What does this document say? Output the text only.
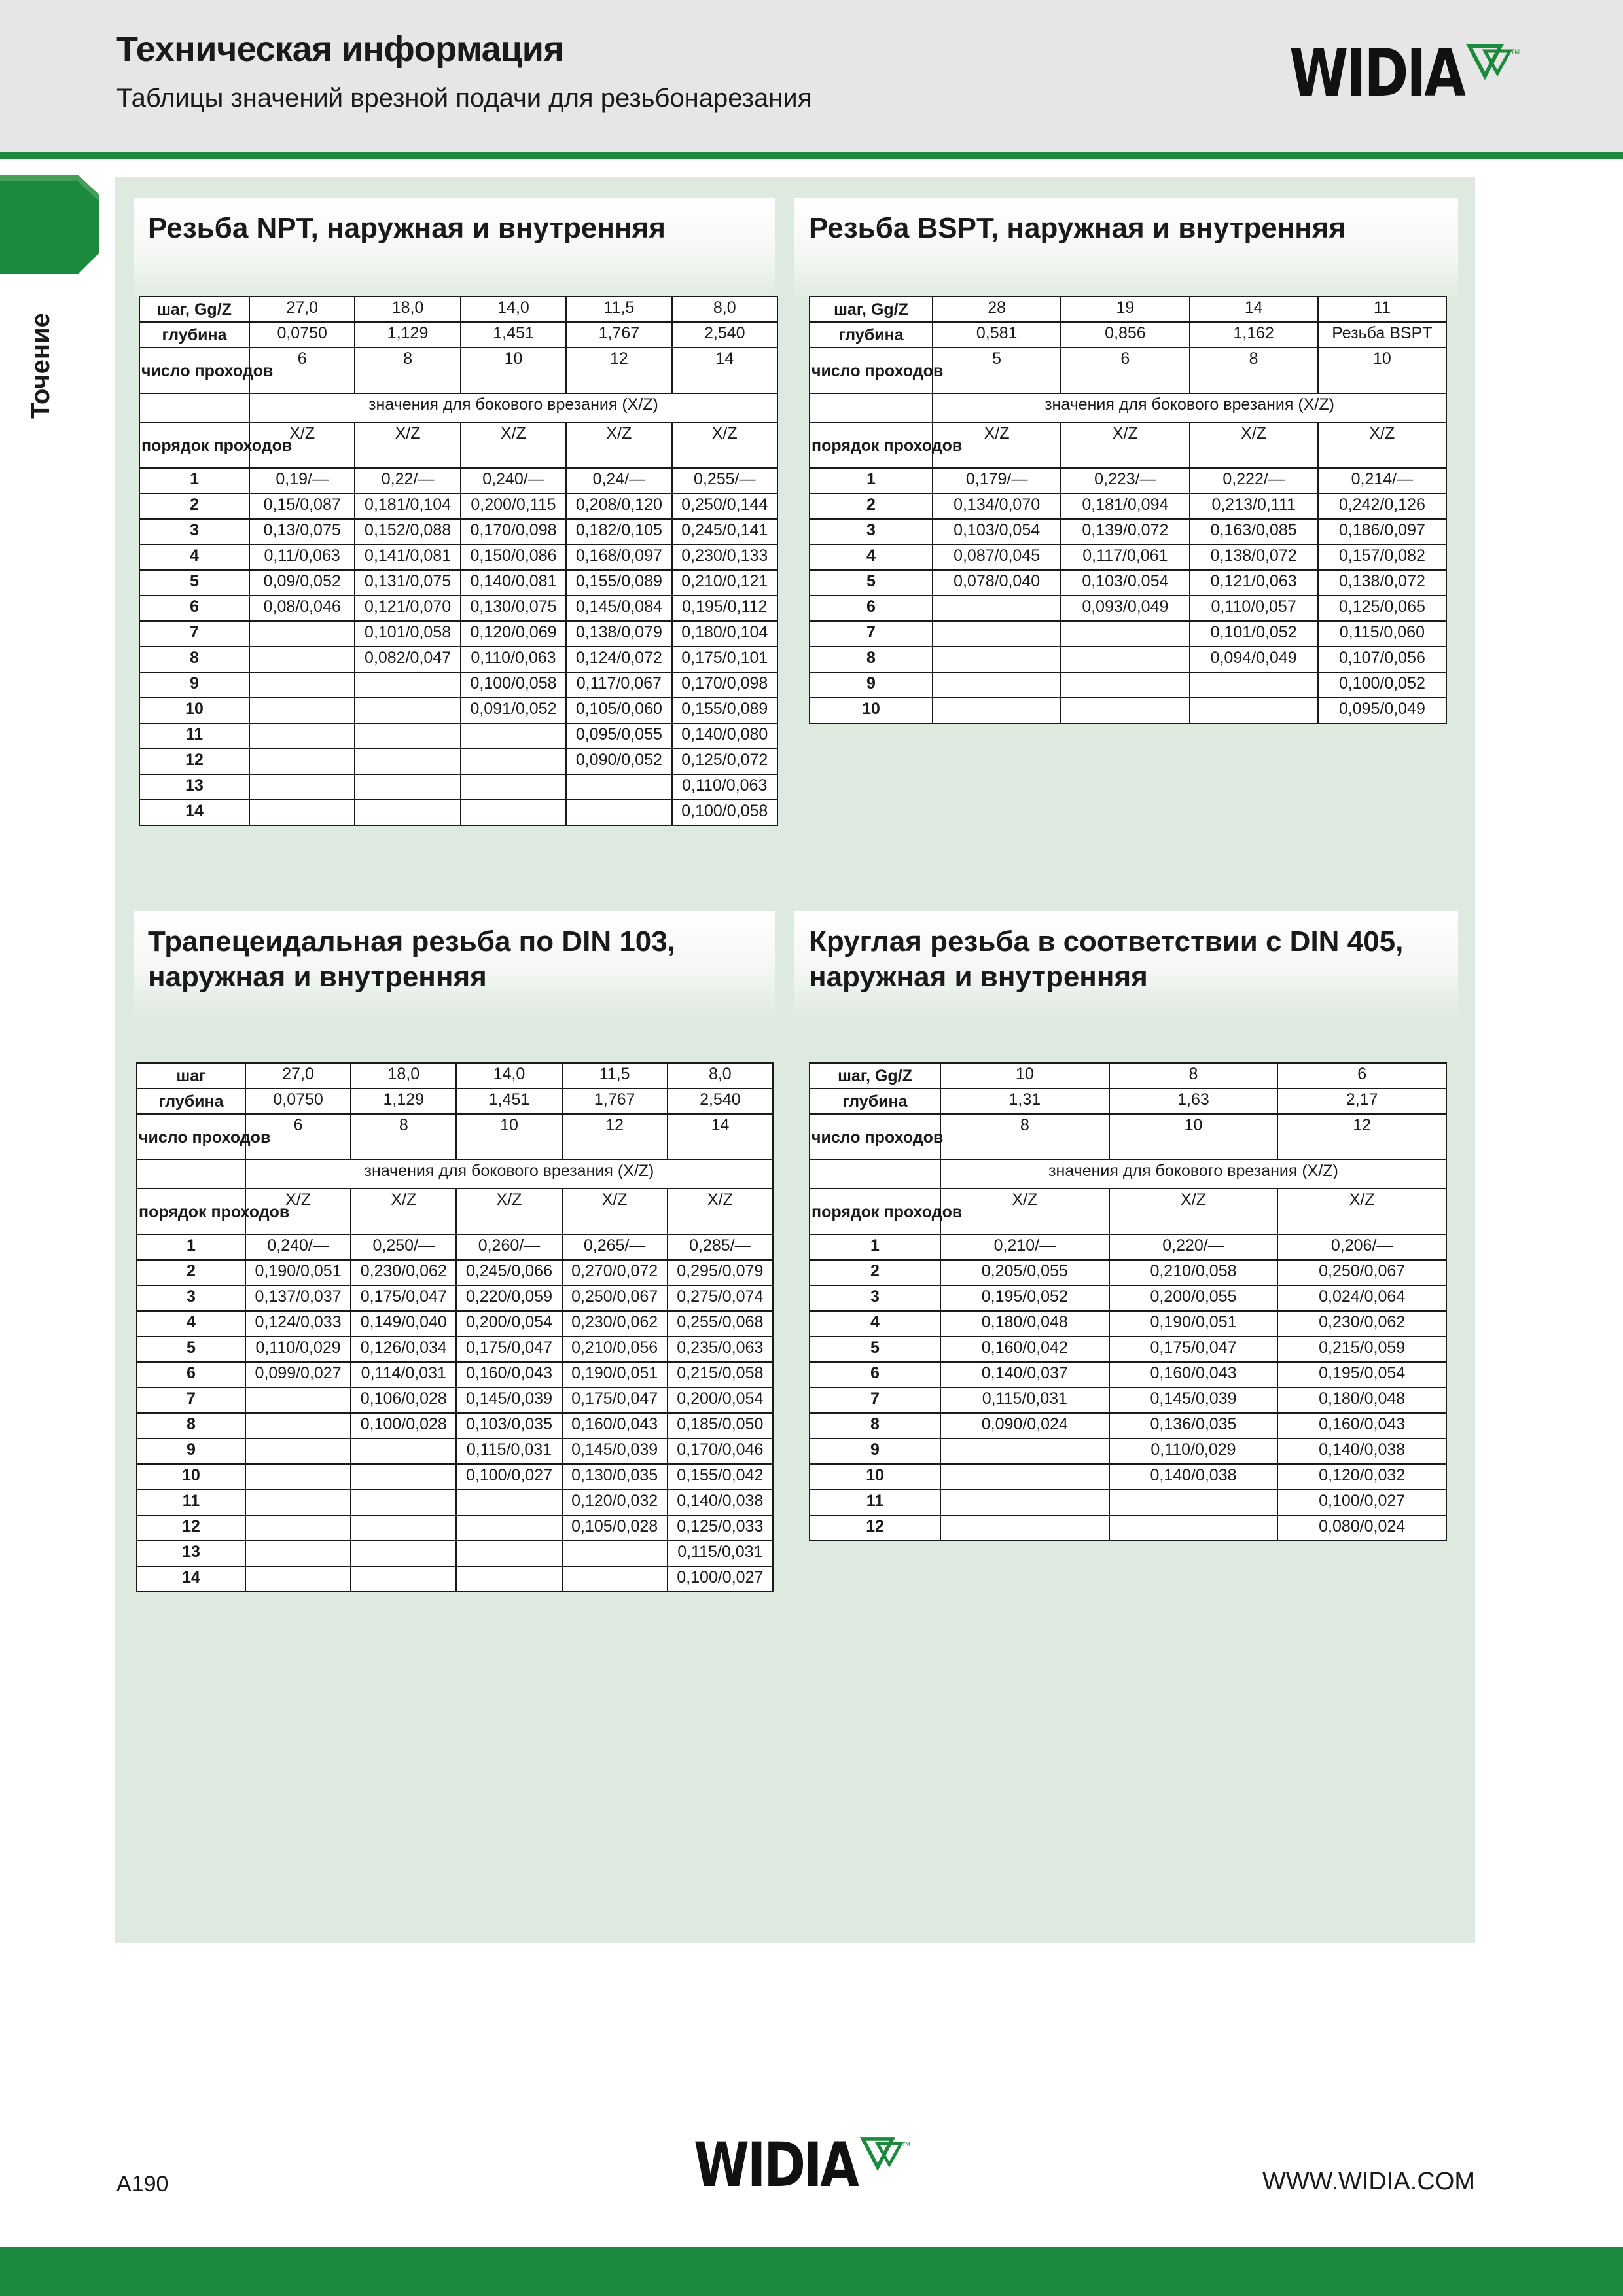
Техническая информация
Таблицы значений врезной подачи для резьбонарезания	WIDIA	TM
Точение
Резьба NPT, наружная и внутренняя
шаг, Gg/Z	27,0	18,0	14,0	11,5	8,0
глубина	0,0750	1,129	1,451	1,767	2,540
число проходов	6	8	10	12	14
	значения для бокового врезания (X/Z)				
порядок проходов	X/Z	X/Z	X/Z	X/Z	X/Z
1	0,19/—	0,22/—	0,240/—	0,24/—	0,255/—
2	0,15/0,087	0,181/0,104	0,200/0,115	0,208/0,120	0,250/0,144
3	0,13/0,075	0,152/0,088	0,170/0,098	0,182/0,105	0,245/0,141
4	0,11/0,063	0,141/0,081	0,150/0,086	0,168/0,097	0,230/0,133
5	0,09/0,052	0,131/0,075	0,140/0,081	0,155/0,089	0,210/0,121
6	0,08/0,046	0,121/0,070	0,130/0,075	0,145/0,084	0,195/0,112
7		0,101/0,058	0,120/0,069	0,138/0,079	0,180/0,104
8		0,082/0,047	0,110/0,063	0,124/0,072	0,175/0,101
9			0,100/0,058	0,117/0,067	0,170/0,098
10			0,091/0,052	0,105/0,060	0,155/0,089
11				0,095/0,055	0,140/0,080
12				0,090/0,052	0,125/0,072
13					0,110/0,063
14					0,100/0,058
Резьба BSPT, наружная и внутренняя
шаг, Gg/Z	28	19	14	11
глубина	0,581	0,856	1,162	Резьба BSPT
число проходов	5	6	8	10
	значения для бокового врезания (X/Z)			
порядок проходов	X/Z	X/Z	X/Z	X/Z
1	0,179/—	0,223/—	0,222/—	0,214/—
2	0,134/0,070	0,181/0,094	0,213/0,111	0,242/0,126
3	0,103/0,054	0,139/0,072	0,163/0,085	0,186/0,097
4	0,087/0,045	0,117/0,061	0,138/0,072	0,157/0,082
5	0,078/0,040	0,103/0,054	0,121/0,063	0,138/0,072
6		0,093/0,049	0,110/0,057	0,125/0,065
7			0,101/0,052	0,115/0,060
8			0,094/0,049	0,107/0,056
9				0,100/0,052
10				0,095/0,049
Трапецеидальная резьба по DIN 103,
наружная и внутренняя
шаг	27,0	18,0	14,0	11,5	8,0
глубина	0,0750	1,129	1,451	1,767	2,540
число проходов	6	8	10	12	14
	значения для бокового врезания (X/Z)				
порядок проходов	X/Z	X/Z	X/Z	X/Z	X/Z
1	0,240/—	0,250/—	0,260/—	0,265/—	0,285/—
2	0,190/0,051	0,230/0,062	0,245/0,066	0,270/0,072	0,295/0,079
3	0,137/0,037	0,175/0,047	0,220/0,059	0,250/0,067	0,275/0,074
4	0,124/0,033	0,149/0,040	0,200/0,054	0,230/0,062	0,255/0,068
5	0,110/0,029	0,126/0,034	0,175/0,047	0,210/0,056	0,235/0,063
6	0,099/0,027	0,114/0,031	0,160/0,043	0,190/0,051	0,215/0,058
7		0,106/0,028	0,145/0,039	0,175/0,047	0,200/0,054
8		0,100/0,028	0,103/0,035	0,160/0,043	0,185/0,050
9			0,115/0,031	0,145/0,039	0,170/0,046
10			0,100/0,027	0,130/0,035	0,155/0,042
11				0,120/0,032	0,140/0,038
12				0,105/0,028	0,125/0,033
13					0,115/0,031
14					0,100/0,027
Круглая резьба в соответствии с DIN 405,
наружная и внутренняя
шаг, Gg/Z	10	8	6
глубина	1,31	1,63	2,17
число проходов	8	10	12
	значения для бокового врезания (X/Z)		
порядок проходов	X/Z	X/Z	X/Z
1	0,210/—	0,220/—	0,206/—
2	0,205/0,055	0,210/0,058	0,250/0,067
3	0,195/0,052	0,200/0,055	0,024/0,064
4	0,180/0,048	0,190/0,051	0,230/0,062
5	0,160/0,042	0,175/0,047	0,215/0,059
6	0,140/0,037	0,160/0,043	0,195/0,054
7	0,115/0,031	0,145/0,039	0,180/0,048
8	0,090/0,024	0,136/0,035	0,160/0,043
9		0,110/0,029	0,140/0,038
10		0,140/0,038	0,120/0,032
11			0,100/0,027
12			0,080/0,024
A190	WIDIA	TM
WWW.WIDIA.COM
